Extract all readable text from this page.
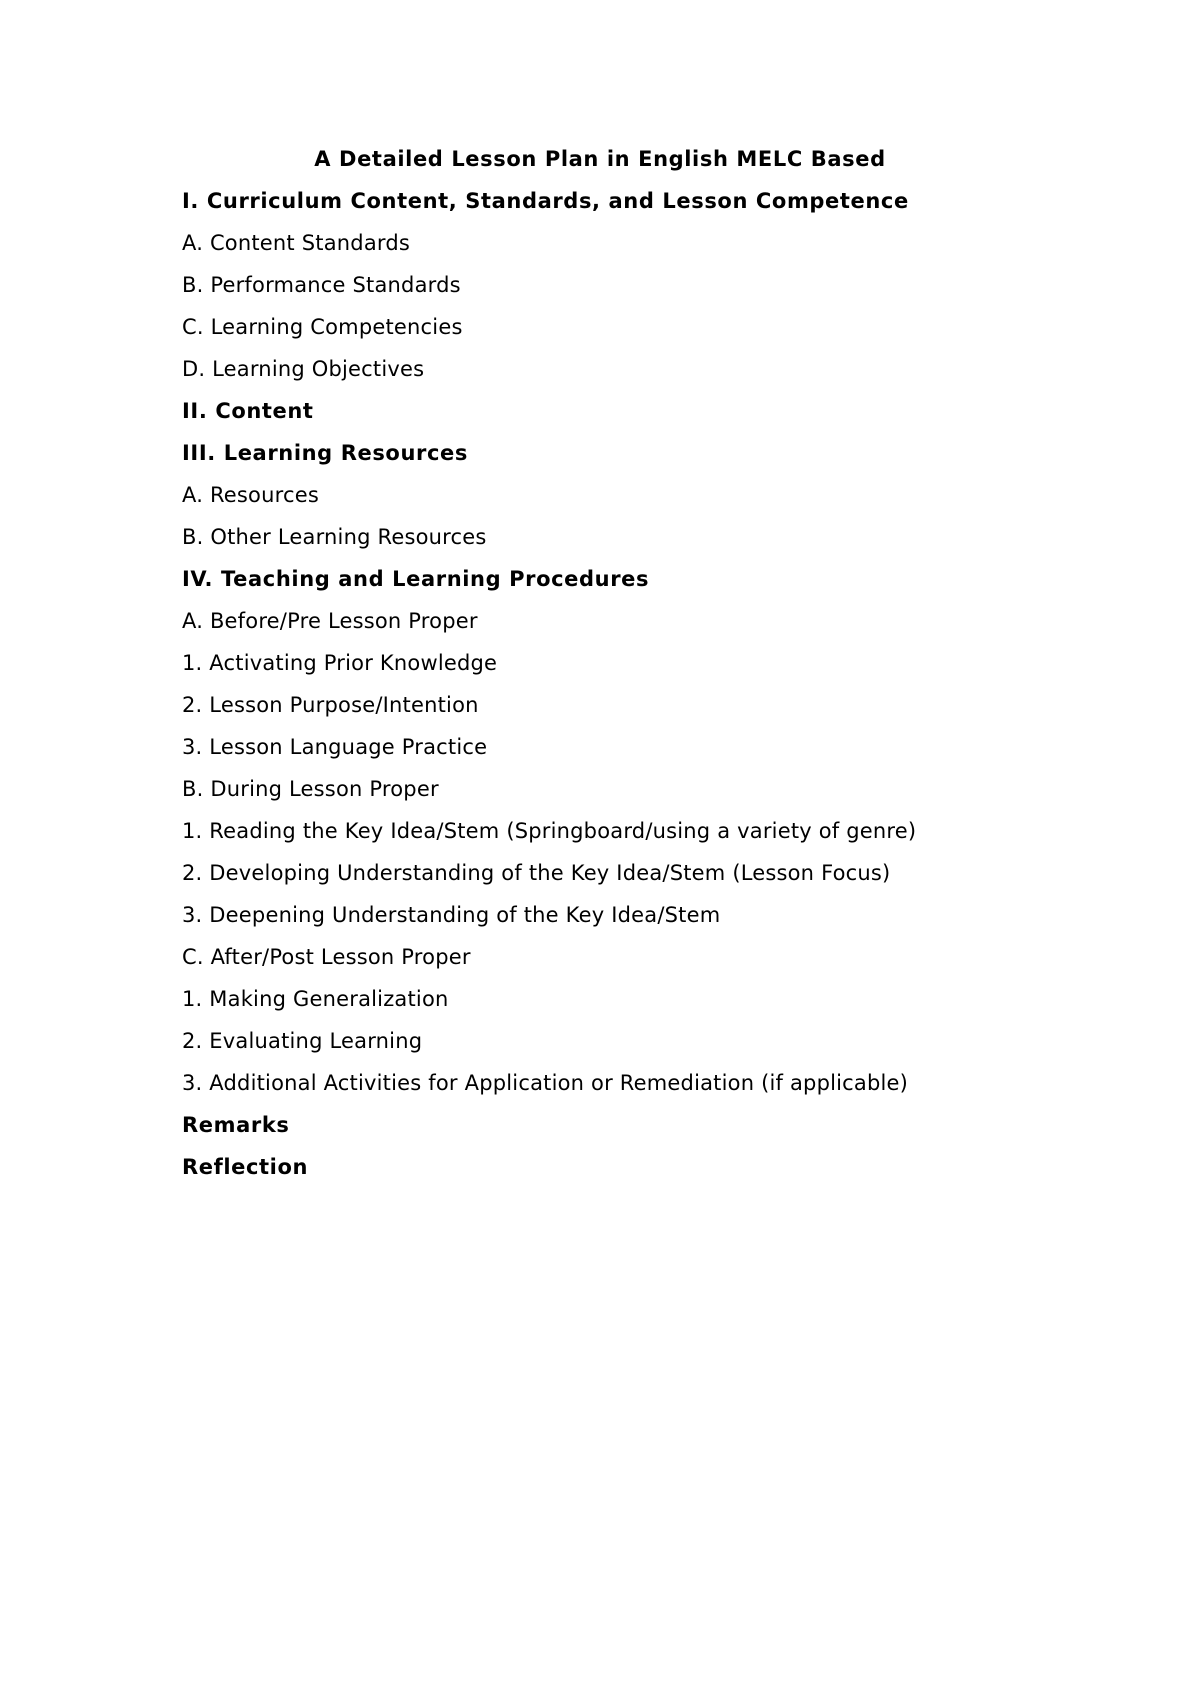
A Detailed Lesson Plan in English MELC Based
I. Curriculum Content, Standards, and Lesson Competence
A. Content Standards
B. Performance Standards
C. Learning Competencies
D. Learning Objectives
II. Content
III. Learning Resources
A. Resources
B. Other Learning Resources
IV. Teaching and Learning Procedures
A. Before/Pre Lesson Proper
1. Activating Prior Knowledge
2. Lesson Purpose/Intention
3. Lesson Language Practice
B. During Lesson Proper
1. Reading the Key Idea/Stem (Springboard/using a variety of genre)
2. Developing Understanding of the Key Idea/Stem (Lesson Focus)
3. Deepening Understanding of the Key Idea/Stem
C. After/Post Lesson Proper
1. Making Generalization
2. Evaluating Learning
3. Additional Activities for Application or Remediation (if applicable)
Remarks
Reflection
